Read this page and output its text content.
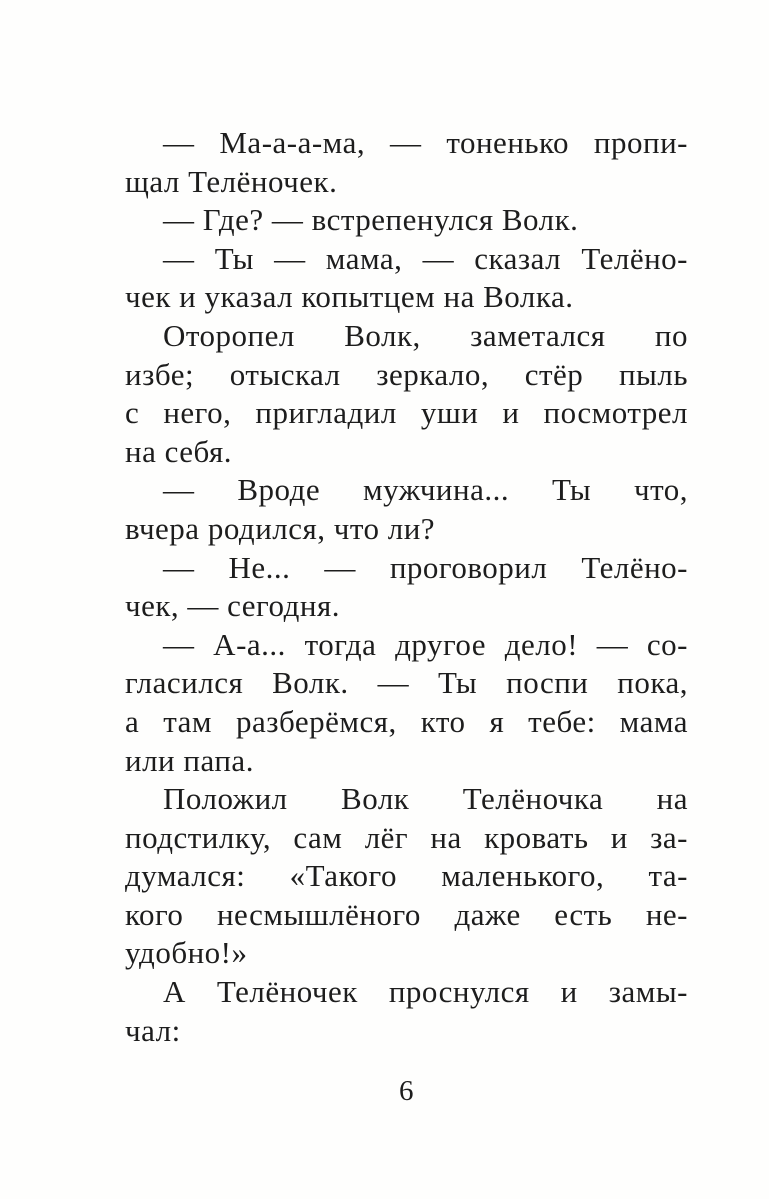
— Ма-а-а-ма, — тоненько пропи-
щал Телёночек.
— Где? — встрепенулся Волк.
— Ты — мама, — сказал Телёно-
чек и указал копытцем на Волка.
Оторопел Волк, заметался по
избе; отыскал зеркало, стёр пыль
с него, пригладил уши и посмотрел
на себя.
— Вроде мужчина... Ты что,
вчера родился, что ли?
— Не... — проговорил Телёно-
чек, — сегодня.
— А-а... тогда другое дело! — со-
гласился Волк. — Ты поспи пока,
а там разберёмся, кто я тебе: мама
или папа.
Положил Волк Телёночка на
подстилку, сам лёг на кровать и за-
думался: «Такого маленького, та-
кого несмышлёного даже есть не-
удобно!»
А Телёночек проснулся и замы-
чал:
6
